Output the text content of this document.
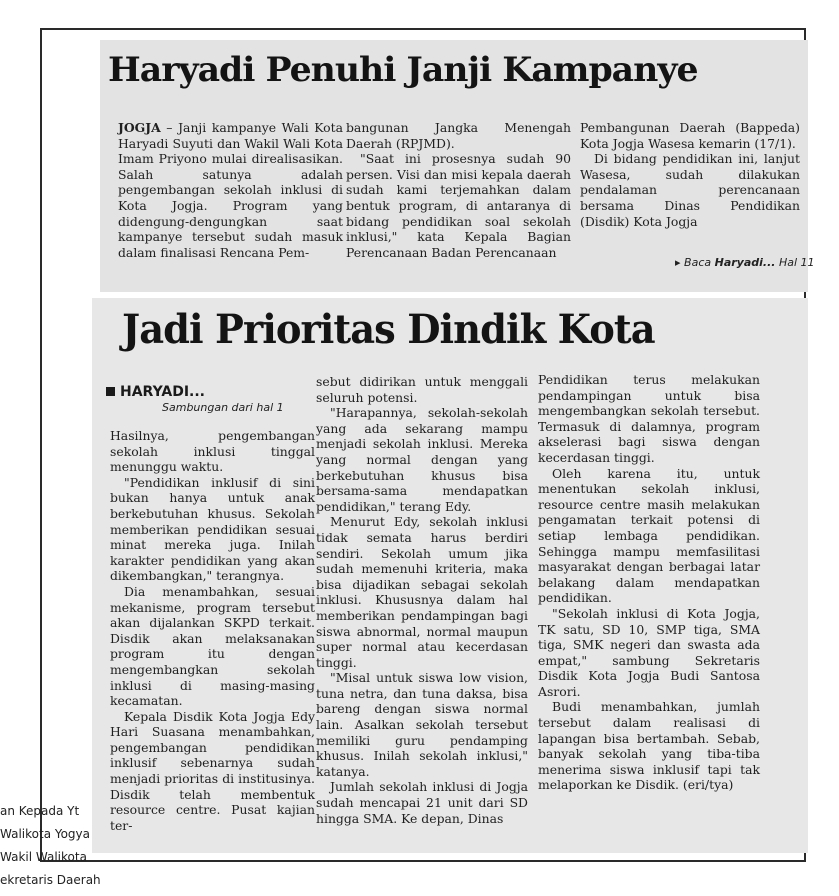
Haryadi Penuhi Janji Kampanye

JOGJA – Janji kampanye Wali Kota Haryadi Suyuti dan Wakil Wali Kota Imam Priyono mulai direalisasikan. Salah satunya adalah pengembangan sekolah inklusi di Kota Jogja. Program yang didengung-dengungkan saat kampanye tersebut sudah masuk dalam finalisasi Rencana Pem-

bangunan Jangka Menengah Daerah (RPJMD).

"Saat ini prosesnya sudah 90 persen. Visi dan misi kepala daerah sudah kami terjemahkan dalam bentuk program, di antaranya di bidang pendidikan soal sekolah inklusi," kata Kepala Bagian Perencanaan Badan Perencanaan

Pembangunan Daerah (Bappeda) Kota Jogja Wasesa kemarin (17/1).

Di bidang pendidikan ini, lanjut Wasesa, sudah dilakukan pendalaman perencanaan bersama Dinas Pendidikan (Disdik) Kota Jogja

▸ Baca Haryadi... Hal 11
Jadi Prioritas Dindik Kota
HARYADI...
Sambungan dari hal 1

Hasilnya, pengembangan sekolah inklusi tinggal menunggu waktu.

"Pendidikan inklusif di sini bukan hanya untuk anak berkebutuhan khusus. Sekolah memberikan pendidikan sesuai minat mereka juga. Inilah karakter pendidikan yang akan dikembangkan," terangnya.

Dia menambahkan, sesuai mekanisme, program tersebut akan dijalankan SKPD terkait. Disdik akan melaksanakan program itu dengan mengembangkan sekolah inklusi di masing-masing kecamatan.

Kepala Disdik Kota Jogja Edy Hari Suasana menambahkan, pengembangan pendidikan inklusif sebenarnya sudah menjadi prioritas di institusinya. Disdik telah membentuk resource centre. Pusat kajian ter-

sebut didirikan untuk menggali seluruh potensi.

"Harapannya, sekolah-sekolah yang ada sekarang mampu menjadi sekolah inklusi. Mereka yang normal dengan yang berkebutuhan khusus bisa bersama-sama mendapatkan pendidikan," terang Edy.

Menurut Edy, sekolah inklusi tidak semata harus berdiri sendiri. Sekolah umum jika sudah memenuhi kriteria, maka bisa dijadikan sebagai sekolah inklusi. Khususnya dalam hal memberikan pendampingan bagi siswa abnormal, normal maupun super normal atau kecerdasan tinggi.

"Misal untuk siswa low vision, tuna netra, dan tuna daksa, bisa bareng dengan siswa normal lain. Asalkan sekolah tersebut memiliki guru pendamping khusus. Inilah sekolah inklusi," katanya.

Jumlah sekolah inklusi di Jogja sudah mencapai 21 unit dari SD hingga SMA. Ke depan, Dinas

Pendidikan terus melakukan pendampingan untuk bisa mengembangkan sekolah tersebut. Termasuk di dalamnya, program akselerasi bagi siswa dengan kecerdasan tinggi.

Oleh karena itu, untuk menentukan sekolah inklusi, resource centre masih melakukan pengamatan terkait potensi di setiap lembaga pendidikan. Sehingga mampu memfasilitasi masyarakat dengan berbagai latar belakang dalam mendapatkan pendidikan.

"Sekolah inklusi di Kota Jogja, TK satu, SD 10, SMP tiga, SMA tiga, SMK negeri dan swasta ada empat," sambung Sekretaris Disdik Kota Jogja Budi Santosa Asrori.

Budi menambahkan, jumlah tersebut dalam realisasi di lapangan bisa bertambah. Sebab, banyak sekolah yang tiba-tiba menerima siswa inklusif tapi tak melaporkan ke Disdik. (eri/tya)

an Kepada Yt
Walikota Yogya
Wakil Walikota
ekretaris Daerah
